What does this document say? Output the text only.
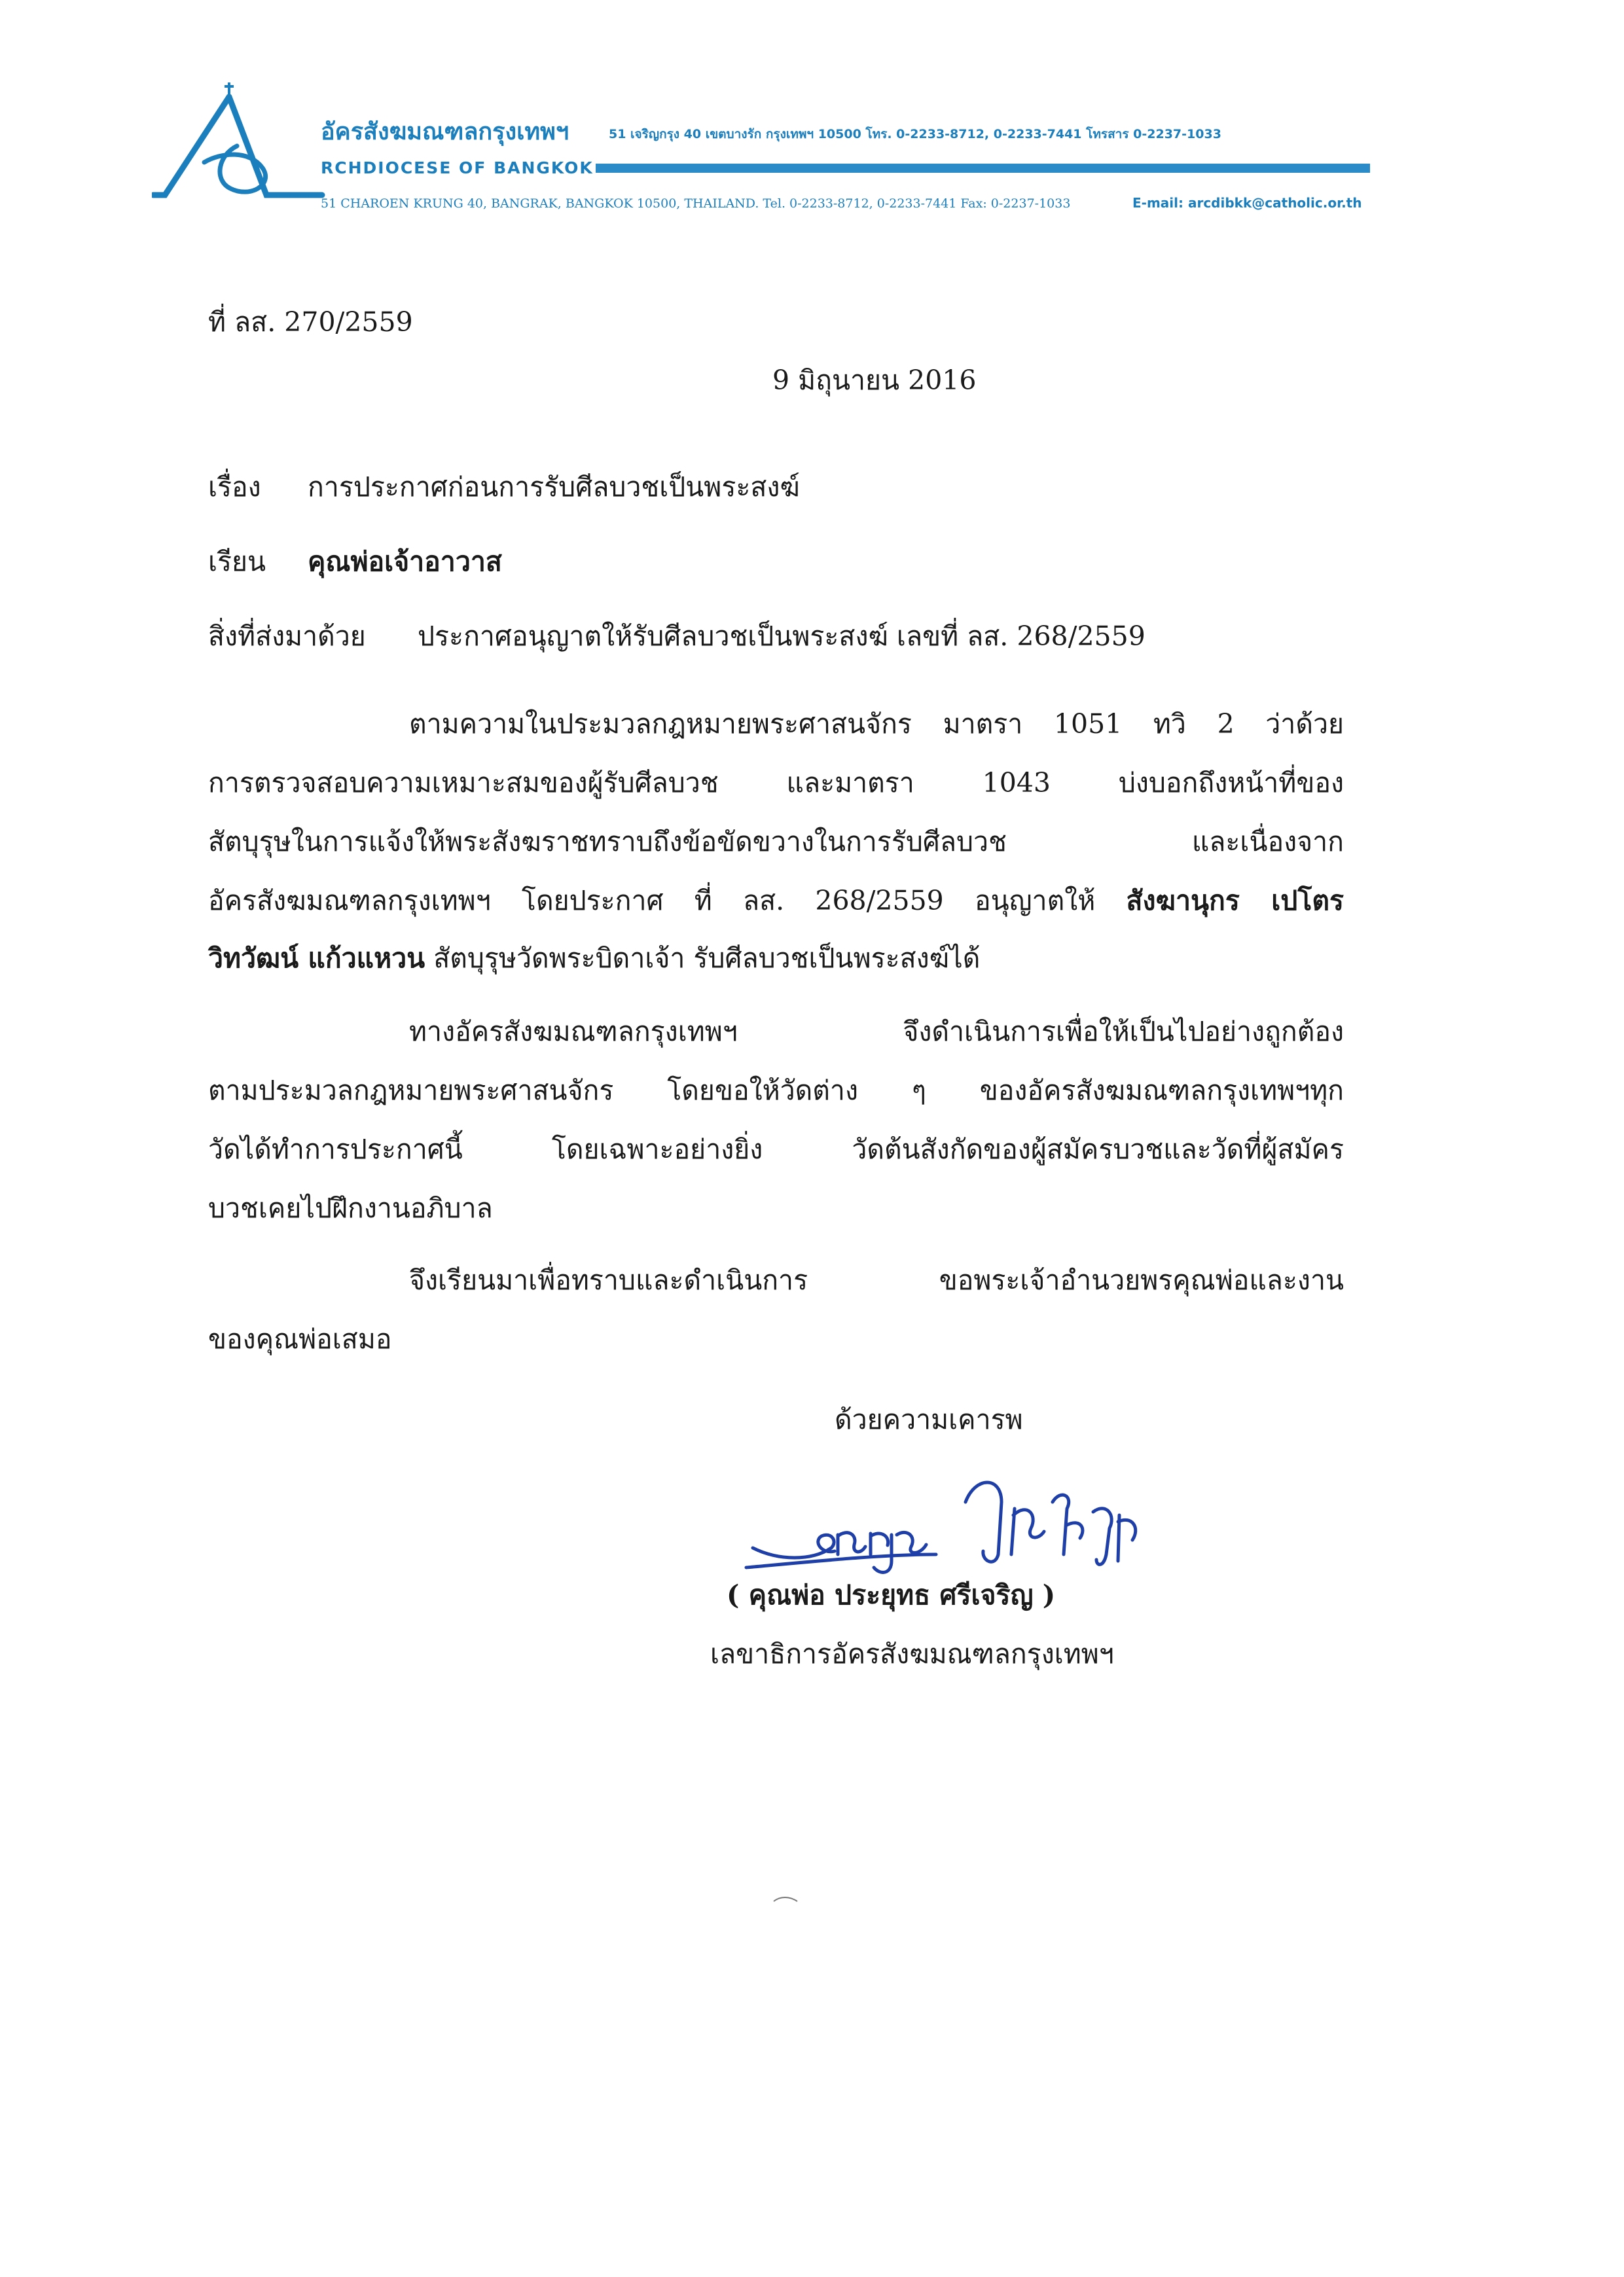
อัครสังฆมณฑลกรุงเทพฯ	51 เจริญกรุง 40 เขตบางรัก กรุงเทพฯ 10500 โทร. 0-2233-8712, 0-2233-7441 โทรสาร 0-2237-1033
RCHDIOCESE OF BANGKOK
51 CHAROEN KRUNG 40, BANGRAK, BANGKOK 10500, THAILAND. Tel. 0-2233-8712, 0-2233-7441 Fax: 0-2237-1033	E-mail: arcdibkk@catholic.or.th
ที่ ลส. 270/2559
9 มิถุนายน 2016
เรื่อง การประกาศก่อนการรับศีลบวชเป็นพระสงฆ์
เรียน คุณพ่อเจ้าอาวาส
สิ่งที่ส่งมาด้วย ประกาศอนุญาตให้รับศีลบวชเป็นพระสงฆ์ เลขที่ ลส. 268/2559
ตามความในประมวลกฎหมายพระศาสนจักร มาตรา 1051 ทวิ 2 ว่าด้วย
การตรวจสอบความเหมาะสมของผู้รับศีลบวช และมาตรา 1043 บ่งบอกถึงหน้าที่ของ
สัตบุรุษในการแจ้งให้พระสังฆราชทราบถึงข้อขัดขวางในการรับศีลบวช และเนื่องจาก
อัครสังฆมณฑลกรุงเทพฯ โดยประกาศ ที่ ลส. 268/2559 อนุญาตให้ สังฆานุกร เปโตร
วิทวัฒน์ แก้วแหวน สัตบุรุษวัดพระบิดาเจ้า รับศีลบวชเป็นพระสงฆ์ได้
ทางอัครสังฆมณฑลกรุงเทพฯ จึงดำเนินการเพื่อให้เป็นไปอย่างถูกต้อง
ตามประมวลกฎหมายพระศาสนจักร โดยขอให้วัดต่าง ๆ ของอัครสังฆมณฑลกรุงเทพฯทุก
วัดได้ทำการประกาศนี้ โดยเฉพาะอย่างยิ่ง วัดต้นสังกัดของผู้สมัครบวชและวัดที่ผู้สมัคร
บวชเคยไปฝึกงานอภิบาล
จึงเรียนมาเพื่อทราบและดำเนินการ ขอพระเจ้าอำนวยพรคุณพ่อและงาน
ของคุณพ่อเสมอ
ด้วยความเคารพ
( คุณพ่อ ประยุทธ ศรีเจริญ )
เลขาธิการอัครสังฆมณฑลกรุงเทพฯ
